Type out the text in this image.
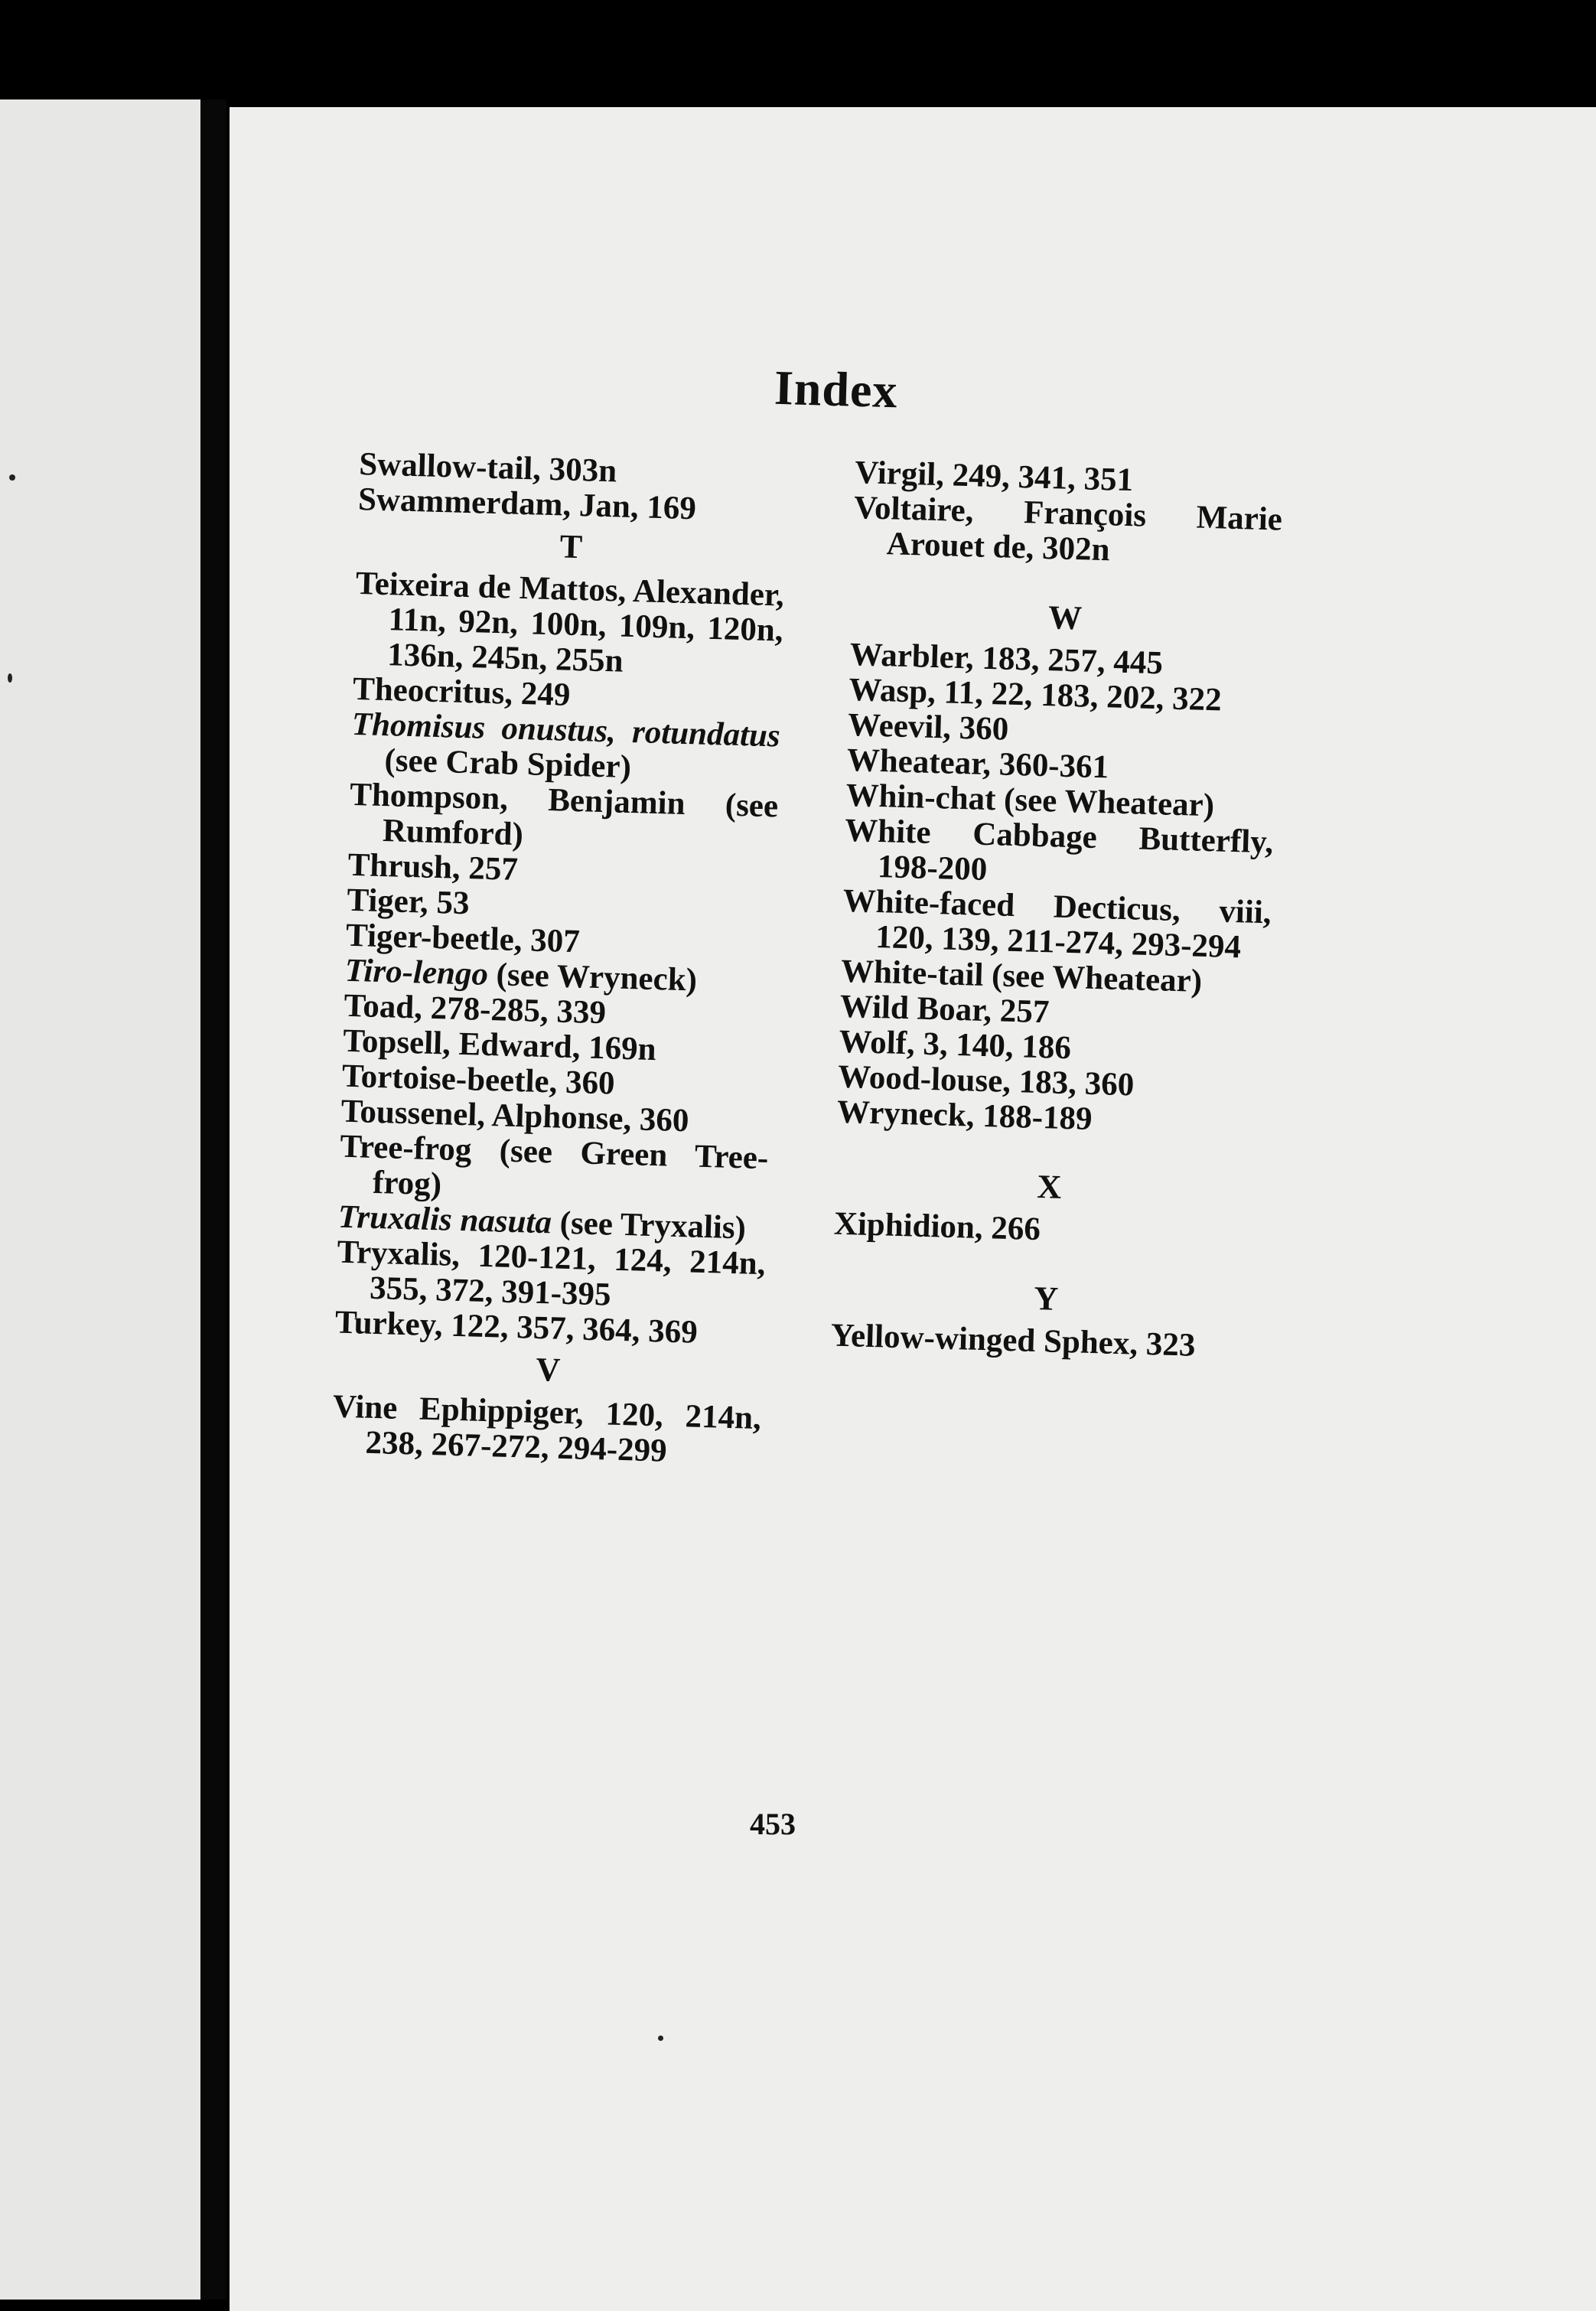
Index

Swallow-tail, 303n

Swammerdam, Jan, 169

T

Teixeira de Mattos, Alexander, 11n, 92n, 100n, 109n, 120n, 136n, 245n, 255n

Theocritus, 249

Thomisus onustus, rotundatus (see Crab Spider)

Thompson, Benjamin (see Rumford)

Thrush, 257

Tiger, 53

Tiger-beetle, 307

Tiro-lengo (see Wryneck)

Toad, 278-285, 339

Topsell, Edward, 169n

Tortoise-beetle, 360

Toussenel, Alphonse, 360

Tree-frog (see Green Tree-frog)

Truxalis nasuta (see Tryxalis)

Tryxalis, 120-121, 124, 214n, 355, 372, 391-395

Turkey, 122, 357, 364, 369

V

Vine Ephippiger, 120, 214n, 238, 267-272, 294-299

Virgil, 249, 341, 351

Voltaire, François Marie Arouet de, 302n

W

Warbler, 183, 257, 445

Wasp, 11, 22, 183, 202, 322

Weevil, 360

Wheatear, 360-361

Whin-chat (see Wheatear)

White Cabbage Butterfly, 198-200

White-faced Decticus, viii, 120, 139, 211-274, 293-294

White-tail (see Wheatear)

Wild Boar, 257

Wolf, 3, 140, 186

Wood-louse, 183, 360

Wryneck, 188-189

X

Xiphidion, 266

Y

Yellow-winged Sphex, 323

453
